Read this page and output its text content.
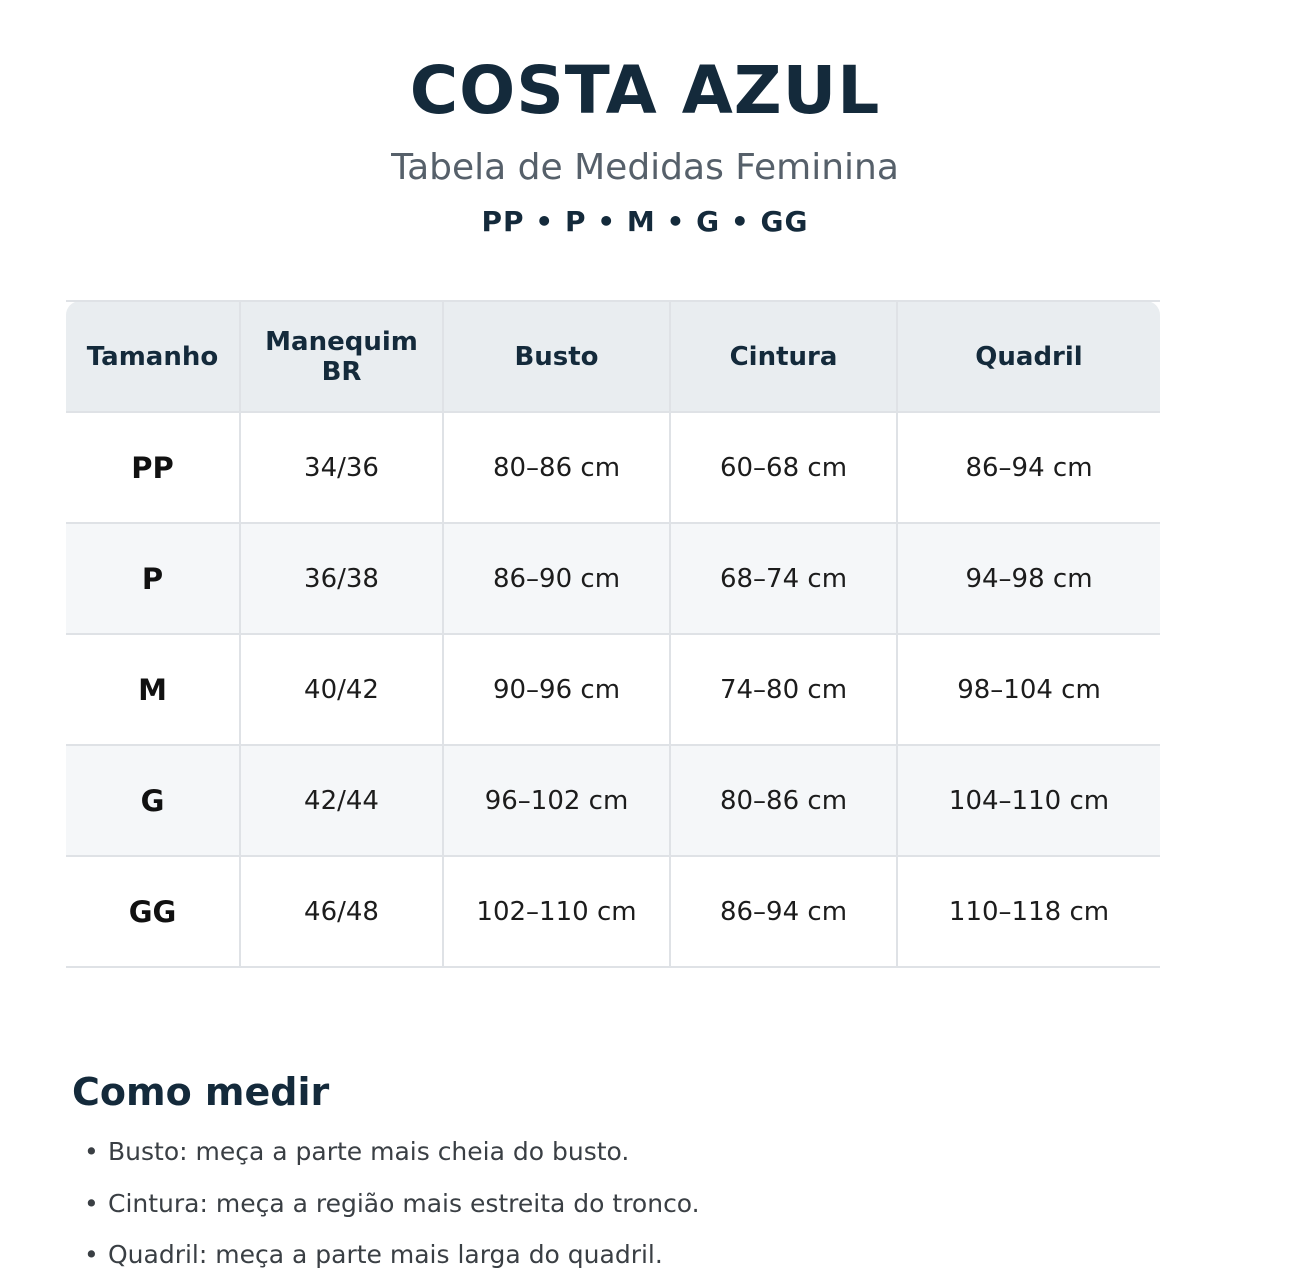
COSTA AZUL
Tabela de Medidas Feminina
PP • P • M • G • GG
Tamanho	Manequim BR	Busto	Cintura	Quadril
PP	34/36	80–86 cm	60–68 cm	86–94 cm
P	36/38	86–90 cm	68–74 cm	94–98 cm
M	40/42	90–96 cm	74–80 cm	98–104 cm
G	42/44	96–102 cm	80–86 cm	104–110 cm
GG	46/48	102–110 cm	86–94 cm	110–118 cm
Como medir
• Busto: meça a parte mais cheia do busto.
• Cintura: meça a região mais estreita do tronco.
• Quadril: meça a parte mais larga do quadril.
